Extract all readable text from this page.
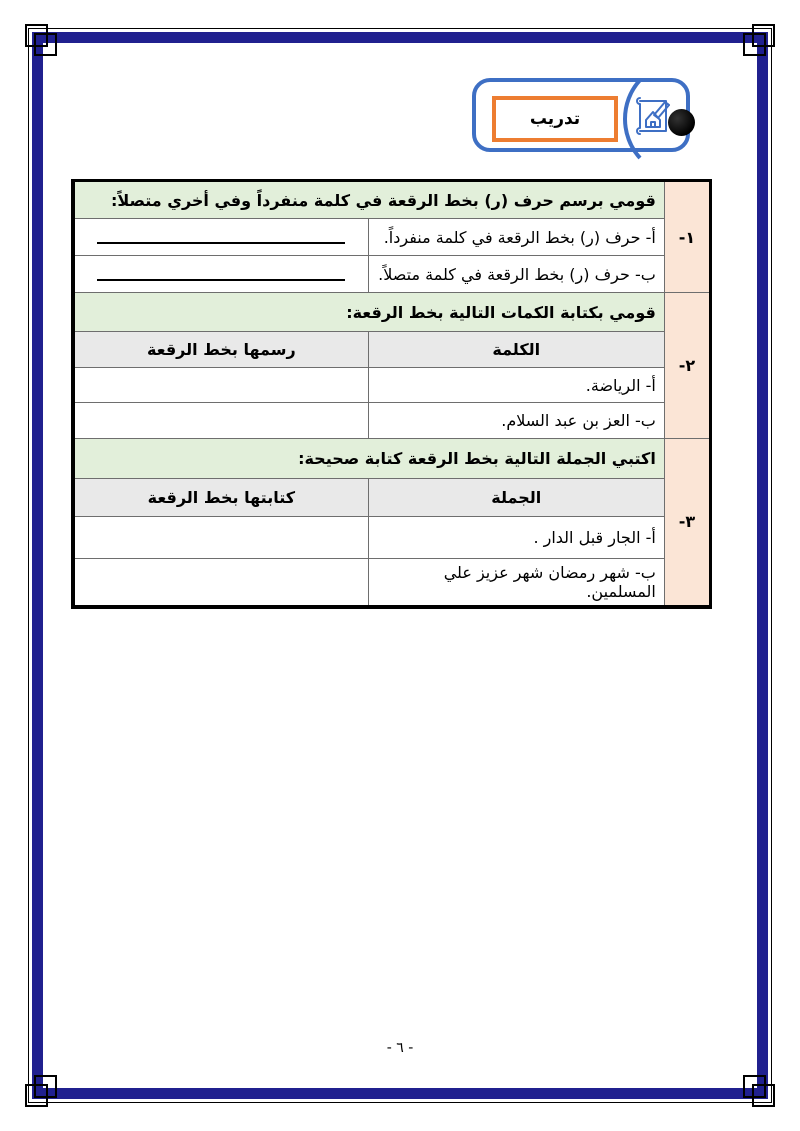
تدريب
١-	قومي برسم حرف (ر) بخط الرقعة في كلمة منفرداً وفي أخري متصلاً:	
	أ- حرف (ر) بخط الرقعة في كلمة منفرداً.	
	ب- حرف (ر) بخط الرقعة في كلمة متصلاً.	
٢-	قومي بكتابة الكمات التالية بخط الرقعة:	
	الكلمة	رسمها بخط الرقعة
	أ- الرياضة.	
	ب- العز بن عبد السلام.	
٣-	اكتبي الجملة التالية بخط الرقعة كتابة صحيحة:	
	الجملة	كتابتها بخط الرقعة
	أ- الجار قبل الدار .	
	ب- شهر رمضان شهر عزيز علي المسلمين.	
- ٦ -
